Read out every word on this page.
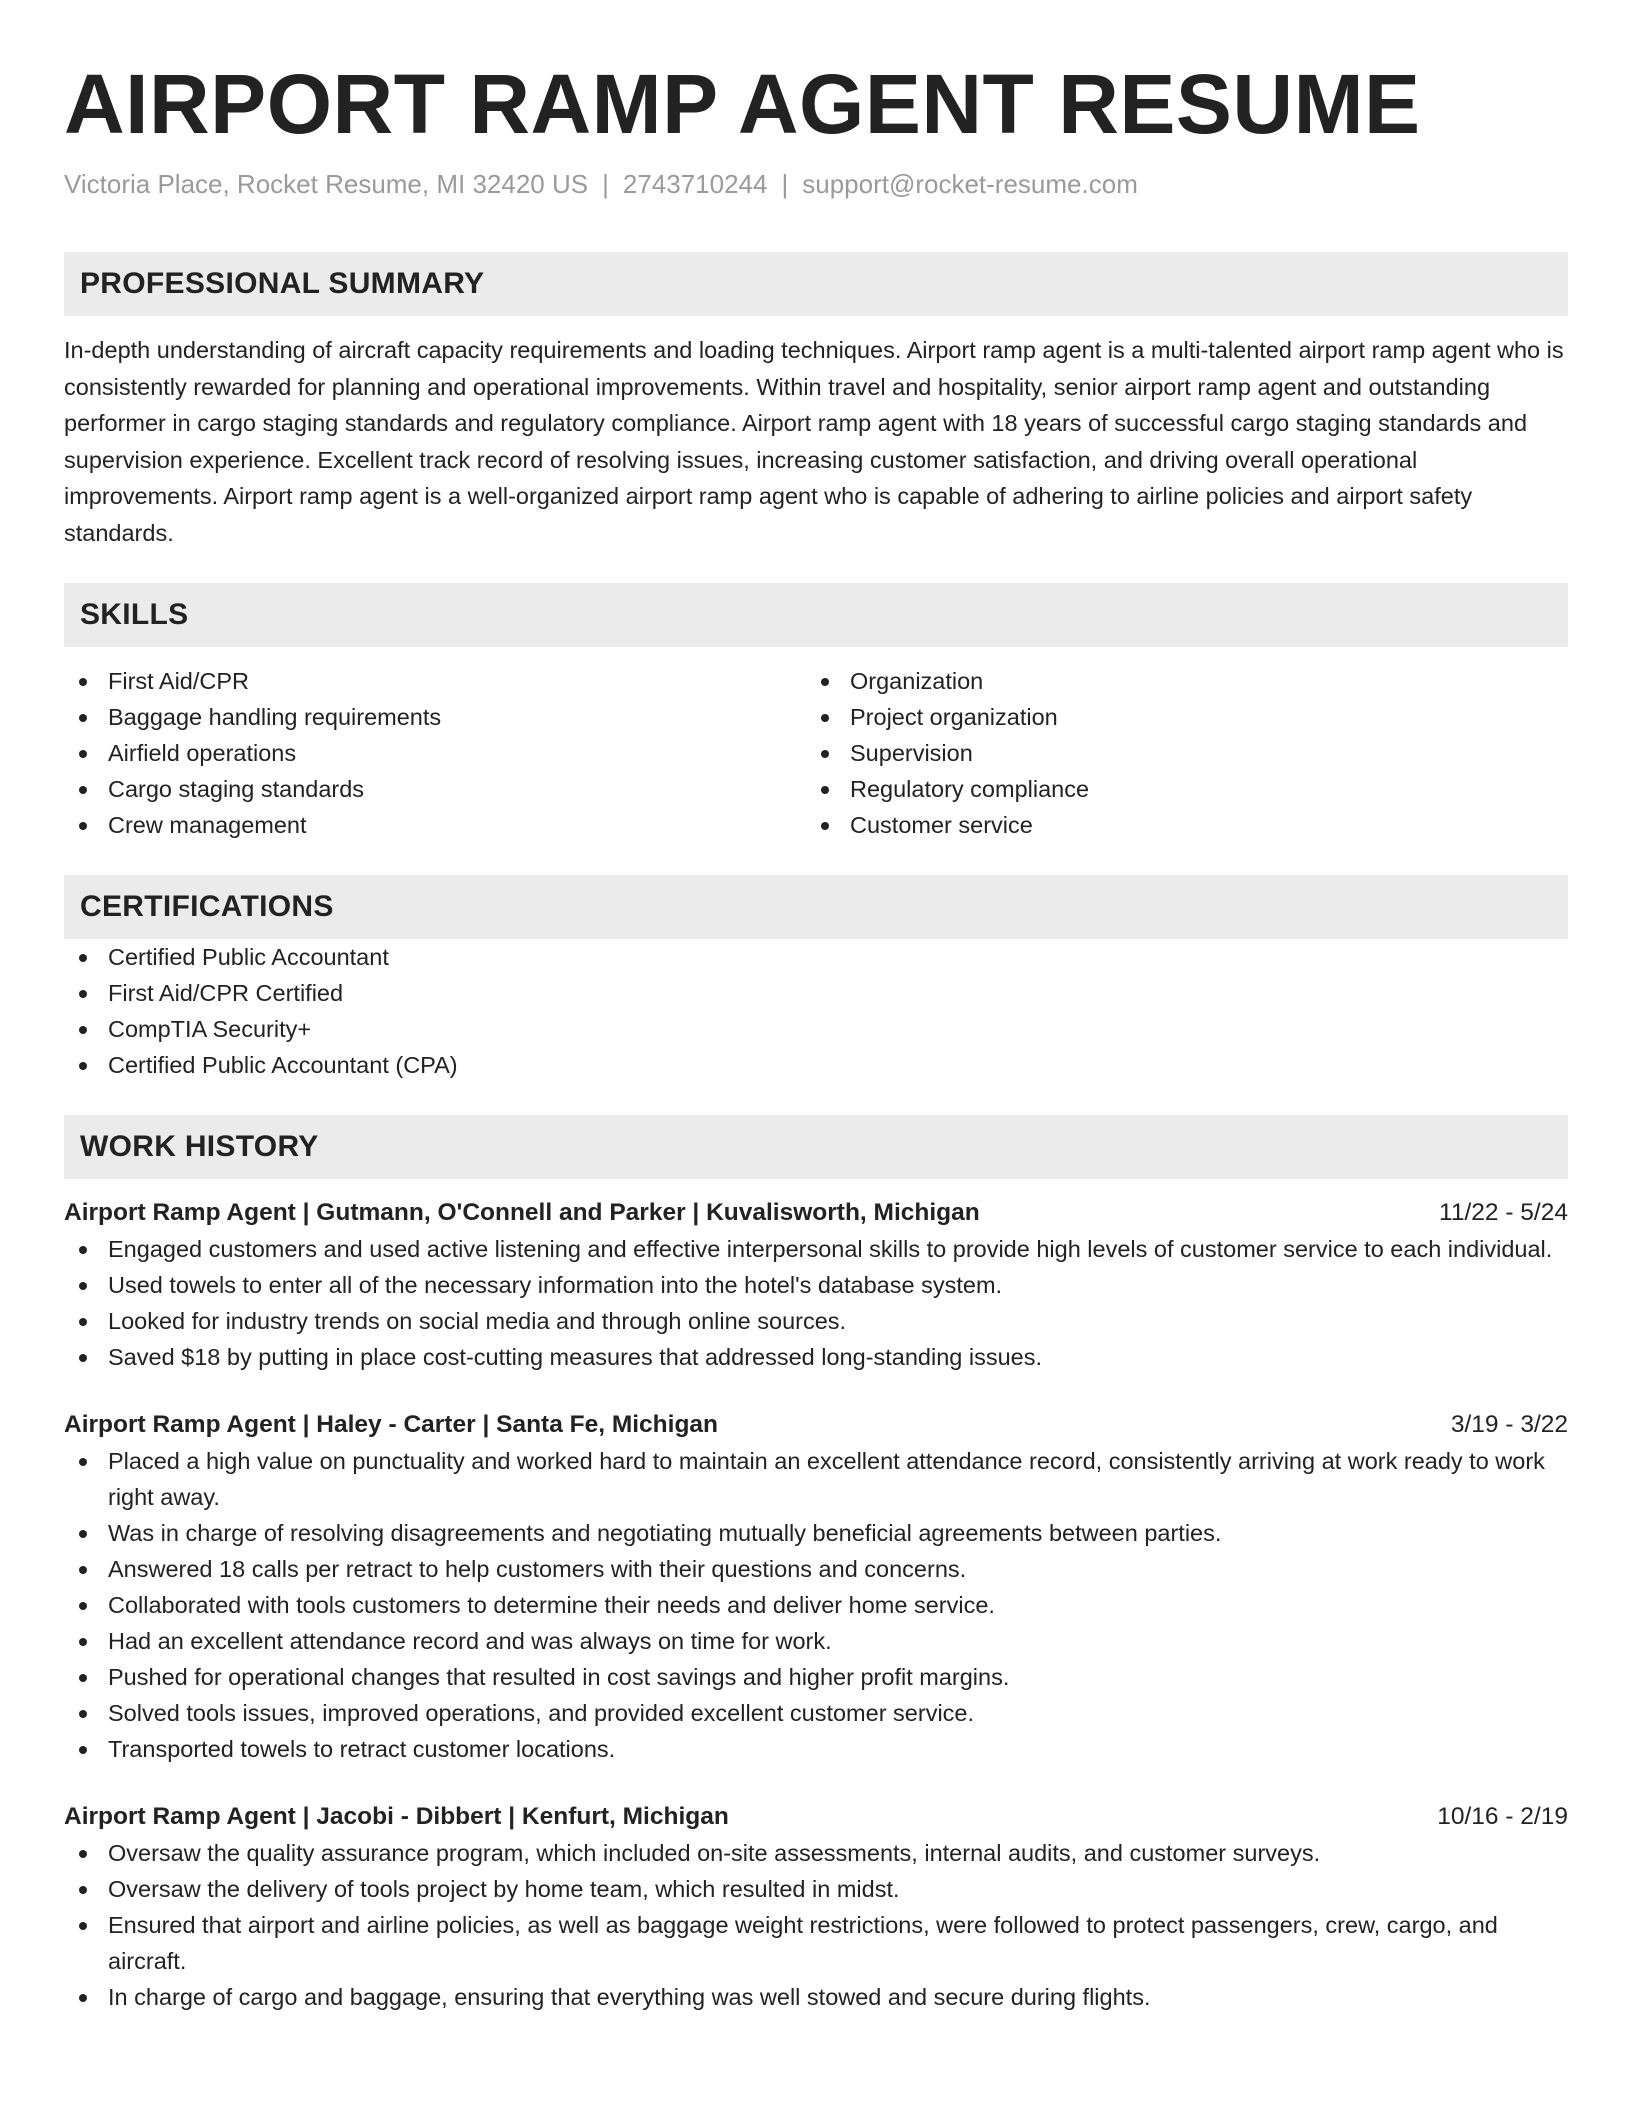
AIRPORT RAMP AGENT RESUME
Victoria Place, Rocket Resume, MI 32420 US | 2743710244 | support@rocket-resume.com
PROFESSIONAL SUMMARY
In-depth understanding of aircraft capacity requirements and loading techniques. Airport ramp agent is a multi-talented airport ramp agent who is consistently rewarded for planning and operational improvements. Within travel and hospitality, senior airport ramp agent and outstanding performer in cargo staging standards and regulatory compliance. Airport ramp agent with 18 years of successful cargo staging standards and supervision experience. Excellent track record of resolving issues, increasing customer satisfaction, and driving overall operational improvements. Airport ramp agent is a well-organized airport ramp agent who is capable of adhering to airline policies and airport safety standards.
SKILLS
First Aid/CPR
Baggage handling requirements
Airfield operations
Cargo staging standards
Crew management
Organization
Project organization
Supervision
Regulatory compliance
Customer service
CERTIFICATIONS
Certified Public Accountant
First Aid/CPR Certified
CompTIA Security+
Certified Public Accountant (CPA)
WORK HISTORY
Airport Ramp Agent | Gutmann, O'Connell and Parker | Kuvalisworth, Michigan	11/22 - 5/24
Engaged customers and used active listening and effective interpersonal skills to provide high levels of customer service to each individual.
Used towels to enter all of the necessary information into the hotel's database system.
Looked for industry trends on social media and through online sources.
Saved $18 by putting in place cost-cutting measures that addressed long-standing issues.
Airport Ramp Agent | Haley - Carter | Santa Fe, Michigan	3/19 - 3/22
Placed a high value on punctuality and worked hard to maintain an excellent attendance record, consistently arriving at work ready to work right away.
Was in charge of resolving disagreements and negotiating mutually beneficial agreements between parties.
Answered 18 calls per retract to help customers with their questions and concerns.
Collaborated with tools customers to determine their needs and deliver home service.
Had an excellent attendance record and was always on time for work.
Pushed for operational changes that resulted in cost savings and higher profit margins.
Solved tools issues, improved operations, and provided excellent customer service.
Transported towels to retract customer locations.
Airport Ramp Agent | Jacobi - Dibbert | Kenfurt, Michigan	10/16 - 2/19
Oversaw the quality assurance program, which included on-site assessments, internal audits, and customer surveys.
Oversaw the delivery of tools project by home team, which resulted in midst.
Ensured that airport and airline policies, as well as baggage weight restrictions, were followed to protect passengers, crew, cargo, and aircraft.
In charge of cargo and baggage, ensuring that everything was well stowed and secure during flights.
